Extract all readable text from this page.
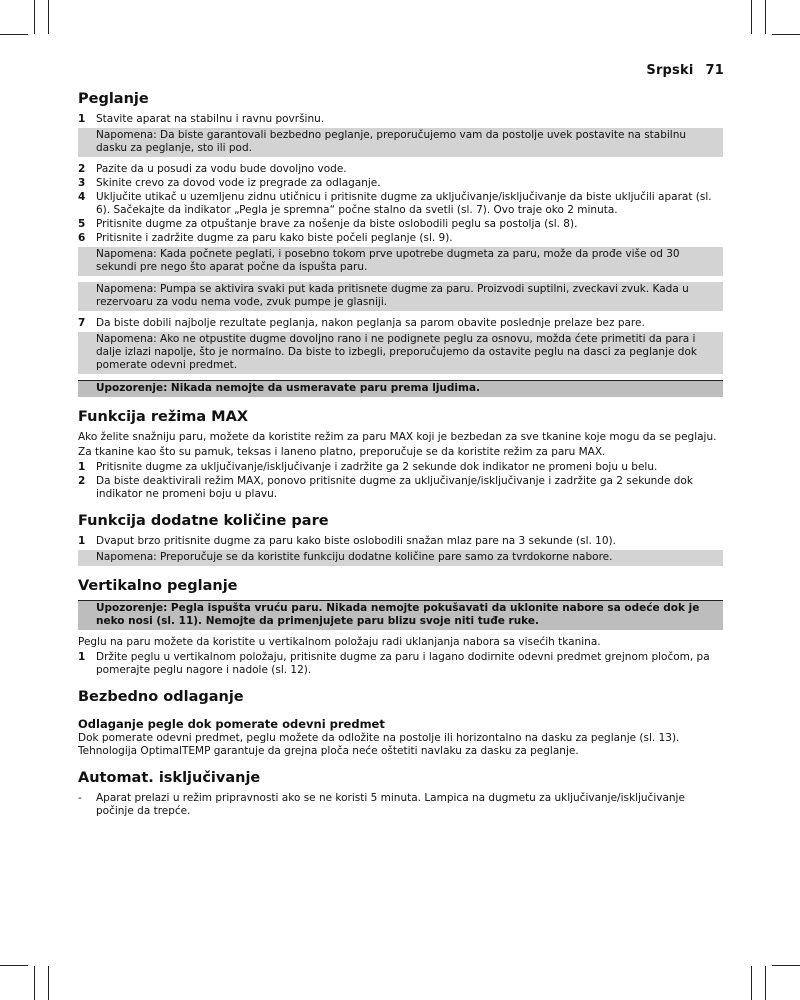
Srpski 71
Peglanje
1	Stavite aparat na stabilnu i ravnu površinu.
Napomena: Da biste garantovali bezbedno peglanje, preporučujemo vam da postolje uvek postavite na stabilnu dasku za peglanje, sto ili pod.
2	Pazite da u posudi za vodu bude dovoljno vode.
3	Skinite crevo za dovod vode iz pregrade za odlaganje.
4	Uključite utikač u uzemljenu zidnu utičnicu i pritisnite dugme za uključivanje/isključivanje da biste uključili aparat (sl. 6). Sačekajte da indikator „Pegla je spremna“ počne stalno da svetli (sl. 7). Ovo traje oko 2 minuta.
5	Pritisnite dugme za otpuštanje brave za nošenje da biste oslobodili peglu sa postolja (sl. 8).
6	Pritisnite i zadržite dugme za paru kako biste počeli peglanje (sl. 9).
Napomena: Kada počnete peglati, i posebno tokom prve upotrebe dugmeta za paru, može da prođe više od 30 sekundi pre nego što aparat počne da ispušta paru.
Napomena: Pumpa se aktivira svaki put kada pritisnete dugme za paru. Proizvodi suptilni, zveckavi zvuk. Kada u rezervoaru za vodu nema vode, zvuk pumpe je glasniji.
7	Da biste dobili najbolje rezultate peglanja, nakon peglanja sa parom obavite poslednje prelaze bez pare.
Napomena: Ako ne otpustite dugme dovoljno rano i ne podignete peglu za osnovu, možda ćete primetiti da para i dalje izlazi napolje, što je normalno. Da biste to izbegli, preporučujemo da ostavite peglu na dasci za peglanje dok pomerate odevni predmet.
Upozorenje: Nikada nemojte da usmeravate paru prema ljudima.
Funkcija režima MAX

Ako želite snažniju paru, možete da koristite režim za paru MAX koji je bezbedan za sve tkanine koje mogu da se peglaju.

Za tkanine kao što su pamuk, teksas i laneno platno, preporučuje se da koristite režim za paru MAX.

1	Pritisnite dugme za uključivanje/isključivanje i zadržite ga 2 sekunde dok indikator ne promeni boju u belu.
2	Da biste deaktivirali režim MAX, ponovo pritisnite dugme za uključivanje/isključivanje i zadržite ga 2 sekunde dok indikator ne promeni boju u plavu.
Funkcija dodatne količine pare
1	Dvaput brzo pritisnite dugme za paru kako biste oslobodili snažan mlaz pare na 3 sekunde (sl. 10).
Napomena: Preporučuje se da koristite funkciju dodatne količine pare samo za tvrdokorne nabore.
Vertikalno peglanje
Upozorenje: Pegla ispušta vruću paru. Nikada nemojte pokušavati da uklonite nabore sa odeće dok je neko nosi (sl. 11). Nemojte da primenjujete paru blizu svoje niti tuđe ruke.

Peglu na paru možete da koristite u vertikalnom položaju radi uklanjanja nabora sa visećih tkanina.

1	Držite peglu u vertikalnom položaju, pritisnite dugme za paru i lagano dodirnite odevni predmet grejnom pločom, pa pomerajte peglu nagore i nadole (sl. 12).
Bezbedno odlaganje
Odlaganje pegle dok pomerate odevni predmet

Dok pomerate odevni predmet, peglu možete da odložite na postolje ili horizontalno na dasku za peglanje (sl. 13). Tehnologija OptimalTEMP garantuje da grejna ploča neće oštetiti navlaku za dasku za peglanje.

Automat. isključivanje
-	Aparat prelazi u režim pripravnosti ako se ne koristi 5 minuta. Lampica na dugmetu za uključivanje/isključivanje počinje da trepće.
